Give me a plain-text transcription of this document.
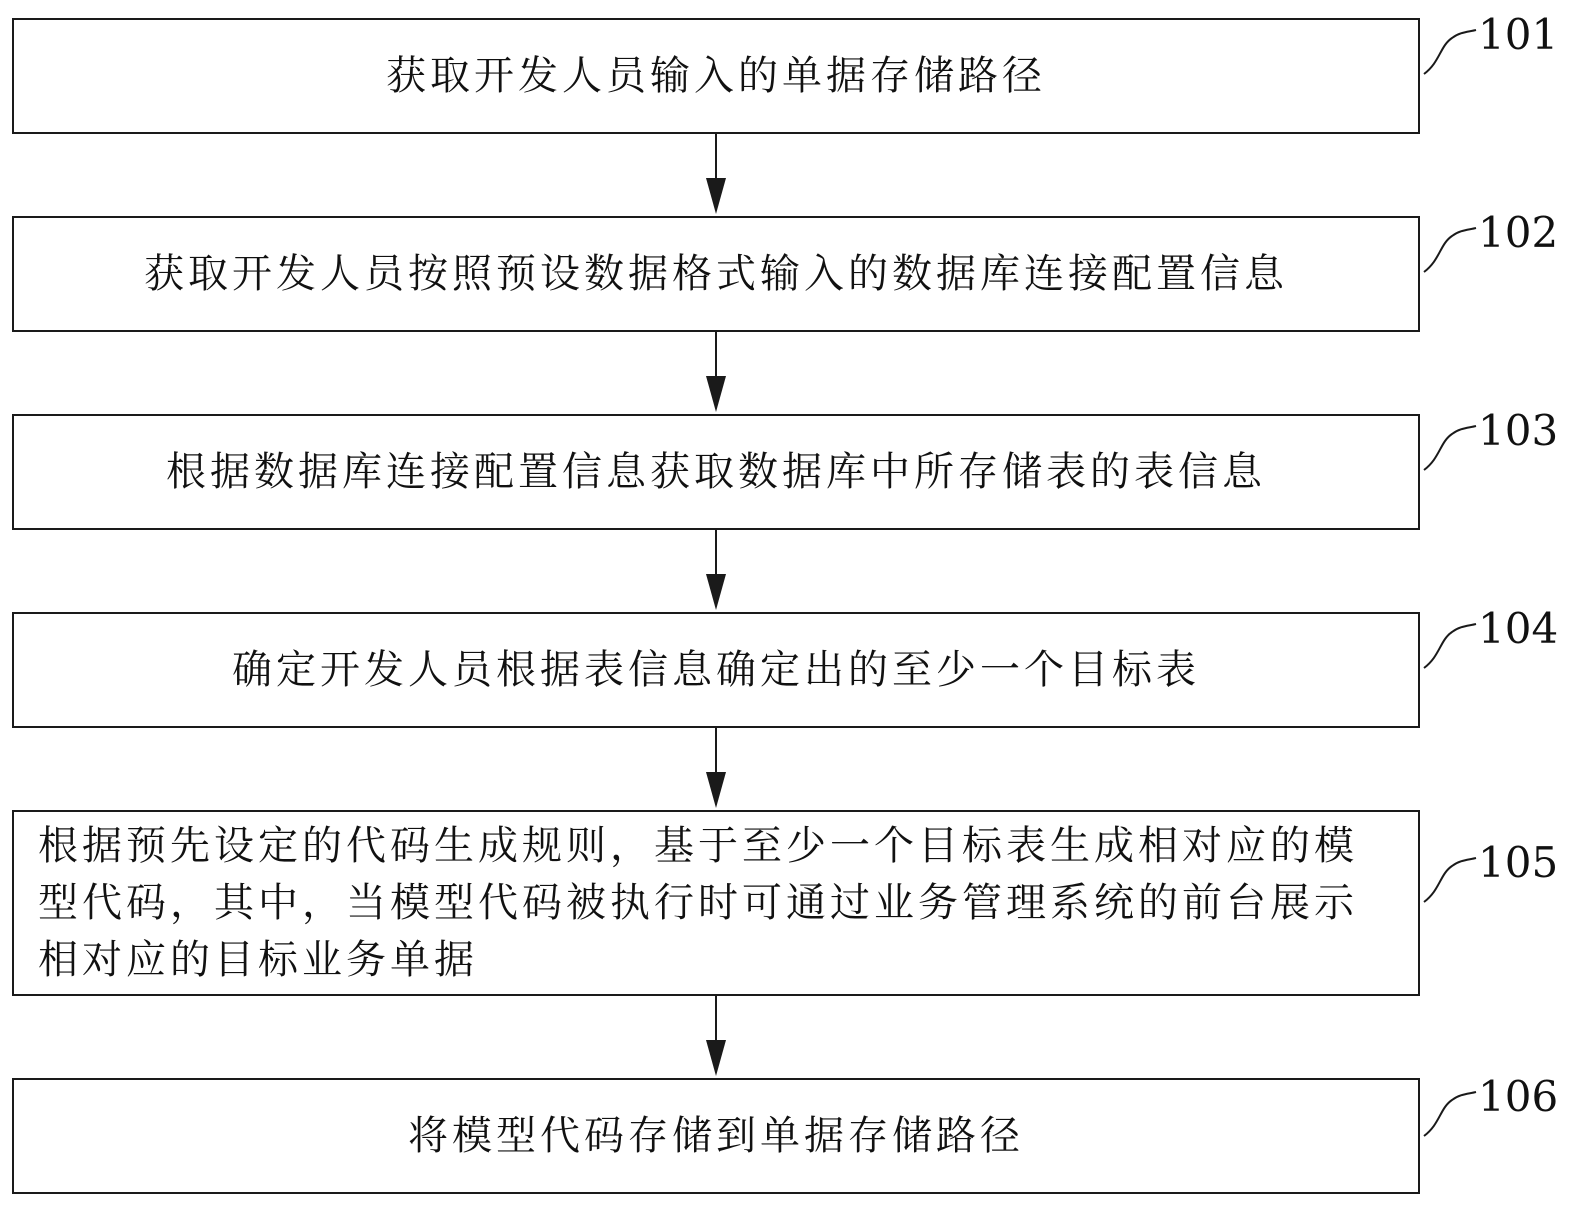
获取开发人员输入的单据存储路径
101
获取开发人员按照预设数据格式输入的数据库连接配置信息
102
根据数据库连接配置信息获取数据库中所存储表的表信息
103
确定开发人员根据表信息确定出的至少一个目标表
104
根据预先设定的代码生成规则，基于至少一个目标表生成相对应的模型代码，其中，当模型代码被执行时可通过业务管理系统的前台展示相对应的目标业务单据
105
将模型代码存储到单据存储路径
106
